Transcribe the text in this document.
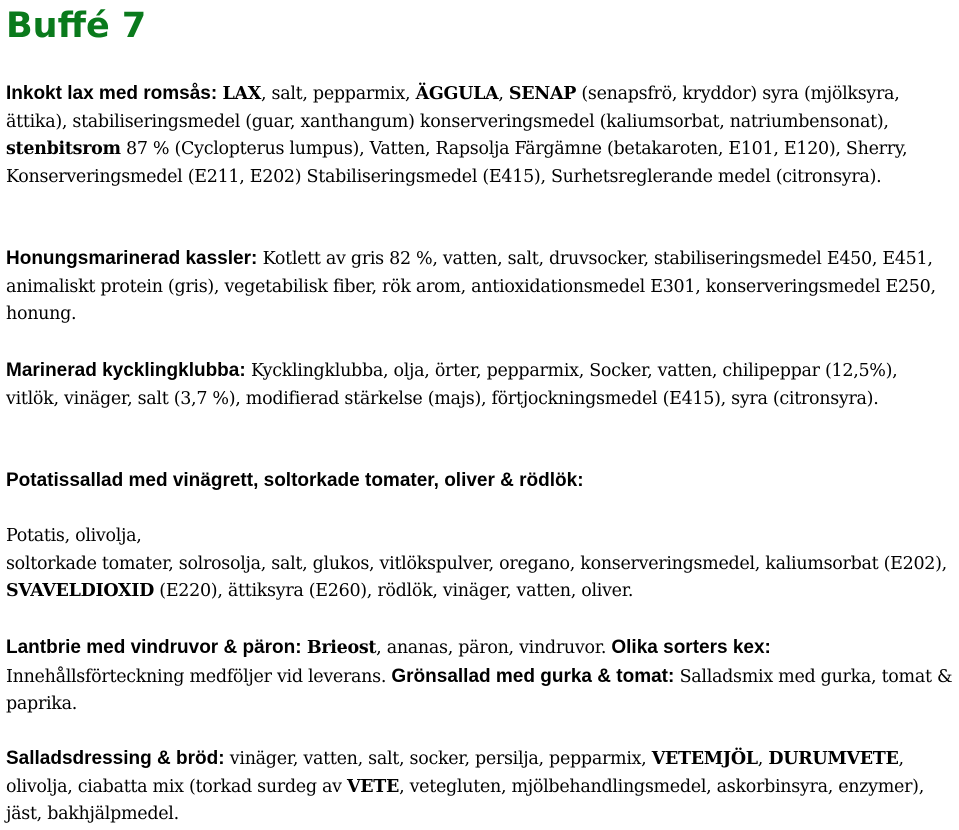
Buffé 7

Inkokt lax med romsås: LAX, salt, pepparmix, ÄGGULA, SENAP (senapsfrö, kryddor) syra (mjölksyra, ättika), stabiliseringsmedel (guar, xanthangum) konserveringsmedel (kaliumsorbat, natriumbensonat), stenbitsrom 87 % (Cyclopterus lumpus), Vatten, Rapsolja Färgämne (betakaroten, E101, E120), Sherry, Konserveringsmedel (E211, E202) Stabiliseringsmedel (E415), Surhetsreglerande medel (citronsyra).

Honungsmarinerad kassler: Kotlett av gris 82 %, vatten, salt, druvsocker, stabiliseringsmedel E450, E451, animaliskt protein (gris), vegetabilisk fiber, rök arom, antioxidationsmedel E301, konserveringsmedel E250, honung.

Marinerad kycklingklubba: Kycklingklubba, olja, örter, pepparmix, Socker, vatten, chilipeppar (12,5%), vitlök, vinäger, salt (3,7 %), modifierad stärkelse (majs), förtjockningsmedel (E415), syra (citronsyra).

Potatissallad med vinägrett, soltorkade tomater, oliver & rödlök:

Potatis, olivolja,
soltorkade tomater, solrosolja, salt, glukos, vitlökspulver, oregano, konserveringsmedel, kaliumsorbat (E202), SVAVELDIOXID (E220), ättiksyra (E260), rödlök, vinäger, vatten, oliver.

Lantbrie med vindruvor & päron: Brieost, ananas, päron, vindruvor. Olika sorters kex: Innehållsförteckning medföljer vid leverans. Grönsallad med gurka & tomat: Salladsmix med gurka, tomat & paprika.

Salladsdressing & bröd: vinäger, vatten, salt, socker, persilja, pepparmix, VETEMJÖL, DURUMVETE, olivolja, ciabatta mix (torkad surdeg av VETE, vetegluten, mjölbehandlingsmedel, askorbinsyra, enzymer), jäst, bakhjälpmedel.
